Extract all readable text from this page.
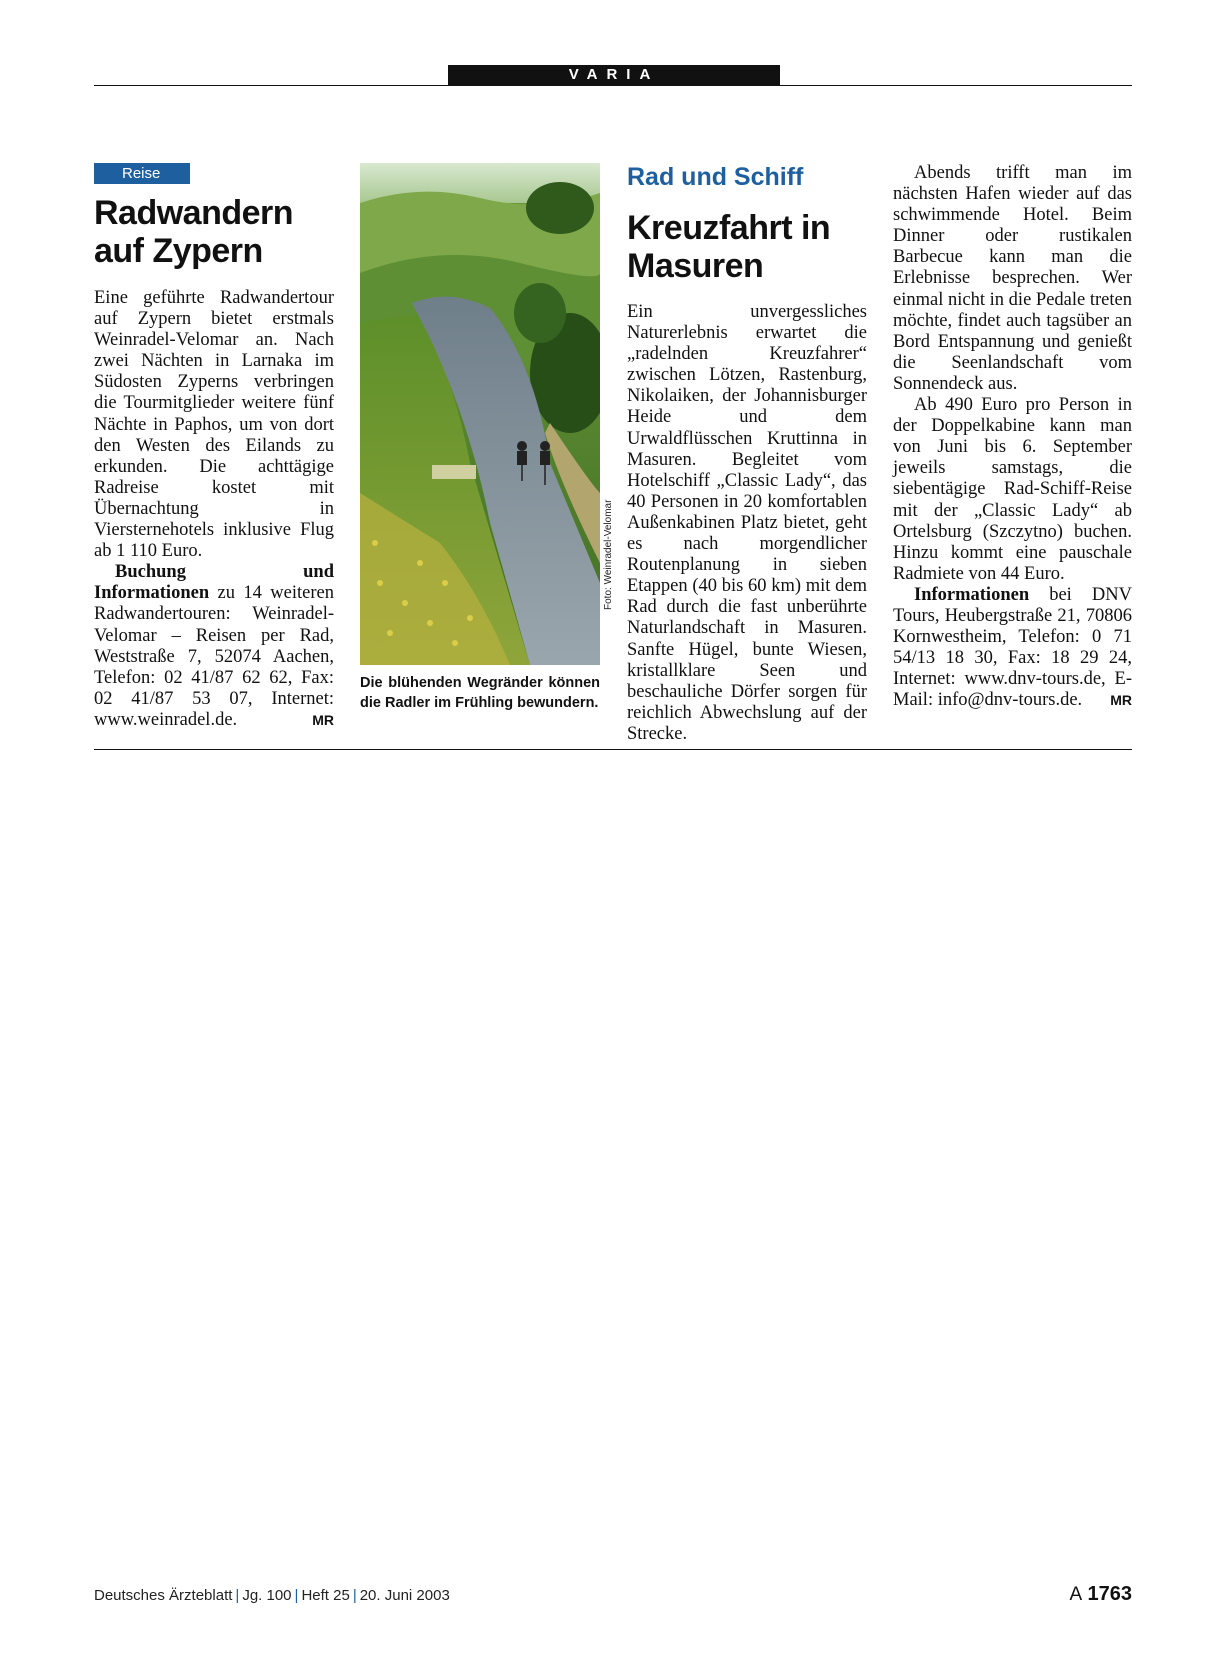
VARIA
Reise
Radwandern auf Zypern

Eine geführte Radwandertour auf Zypern bietet erstmals Weinradel-Velomar an. Nach zwei Nächten in Larnaka im Südosten Zyperns verbringen die Tourmitglieder weitere fünf Nächte in Paphos, um von dort den Westen des Eilands zu erkunden. Die achttägige Radreise kostet mit Übernachtung in Viersternehotels inklusive Flug ab 1 110 Euro.

Buchung und Informationen zu 14 weiteren Radwandertouren: Weinradel-Velomar – Reisen per Rad, Weststraße 7, 52074 Aachen, Telefon: 02 41/87 62 62, Fax: 02 41/87 53 07, Internet: www.weinradel.de.	MR

Die blühenden Wegränder können die Radler im Frühling bewundern.
Foto: Weinradel-Velomar
Rad und Schiff
Kreuzfahrt in Masuren

Ein unvergessliches Naturerlebnis erwartet die „radelnden Kreuzfahrer“ zwischen Lötzen, Rastenburg, Nikolaiken, der Johannisburger Heide und dem Urwaldflüsschen Kruttinna in Masuren. Begleitet vom Hotelschiff „Classic Lady“, das 40 Personen in 20 komfortablen Außenkabinen Platz bietet, geht es nach morgendlicher Routenplanung in sieben Etappen (40 bis 60 km) mit dem Rad durch die fast unberührte Naturlandschaft in Masuren. Sanfte Hügel, bunte Wiesen, kristallklare Seen und beschauliche Dörfer sorgen für reichlich Abwechslung auf der Strecke.

Abends trifft man im nächsten Hafen wieder auf das schwimmende Hotel. Beim Dinner oder rustikalen Barbecue kann man die Erlebnisse besprechen. Wer einmal nicht in die Pedale treten möchte, findet auch tagsüber an Bord Entspannung und genießt die Seenlandschaft vom Sonnendeck aus.

Ab 490 Euro pro Person in der Doppelkabine kann man von Juni bis 6. September jeweils samstags, die siebentägige Rad-Schiff-Reise mit der „Classic Lady“ ab Ortelsburg (Szczytno) buchen. Hinzu kommt eine pauschale Radmiete von 44 Euro.

Informationen bei DNV Tours, Heubergstraße 21, 70806 Kornwestheim, Telefon: 0 71 54/13 18 30, Fax: 18 29 24, Internet: www.dnv-tours.de, E-Mail: info@dnv-tours.de.	MR

Deutsches Ärzteblatt | Jg. 100 | Heft 25 | 20. Juni 2003	A 1763
